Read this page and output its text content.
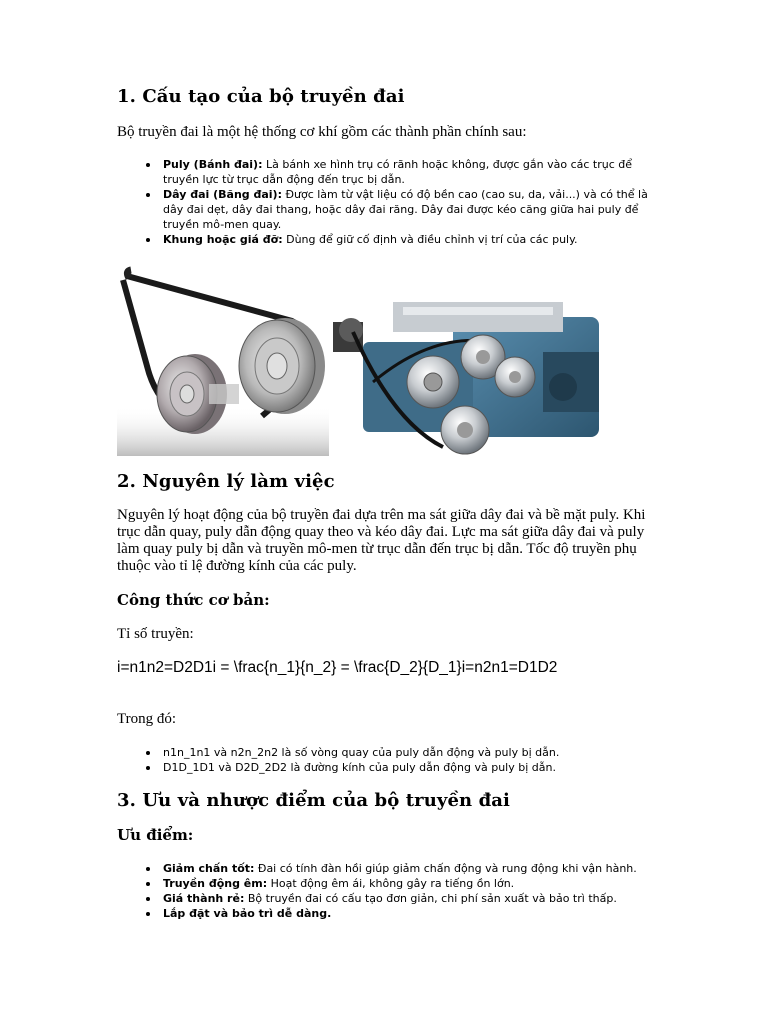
1. Cấu tạo của bộ truyền đai

Bộ truyền đai là một hệ thống cơ khí gồm các thành phần chính sau:

Puly (Bánh đai): Là bánh xe hình trụ có rãnh hoặc không, được gắn vào các trục để truyền lực từ trục dẫn động đến trục bị dẫn.
Dây đai (Băng đai): Được làm từ vật liệu có độ bền cao (cao su, da, vải...) và có thể là dây đai dẹt, dây đai thang, hoặc dây đai răng. Dây đai được kéo căng giữa hai puly để truyền mô-men quay.
Khung hoặc giá đỡ: Dùng để giữ cố định và điều chỉnh vị trí của các puly.
2. Nguyên lý làm việc

Nguyên lý hoạt động của bộ truyền đai dựa trên ma sát giữa dây đai và bề mặt puly. Khi trục dẫn quay, puly dẫn động quay theo và kéo dây đai. Lực ma sát giữa dây đai và puly làm quay puly bị dẫn và truyền mô-men từ trục dẫn đến trục bị dẫn. Tốc độ truyền phụ thuộc vào tỉ lệ đường kính của các puly.

Công thức cơ bản:

Tỉ số truyền:

i=n1n2=D2D1i = \frac{n_1}{n_2} = \frac{D_2}{D_1}i=n2n1=D1D2

Trong đó:

n1n_1n1 và n2n_2n2 là số vòng quay của puly dẫn động và puly bị dẫn.
D1D_1D1 và D2D_2D2 là đường kính của puly dẫn động và puly bị dẫn.
3. Ưu và nhược điểm của bộ truyền đai
Ưu điểm:
Giảm chấn tốt: Đai có tính đàn hồi giúp giảm chấn động và rung động khi vận hành.
Truyền động êm: Hoạt động êm ái, không gây ra tiếng ồn lớn.
Giá thành rẻ: Bộ truyền đai có cấu tạo đơn giản, chi phí sản xuất và bảo trì thấp.
Lắp đặt và bảo trì dễ dàng.
